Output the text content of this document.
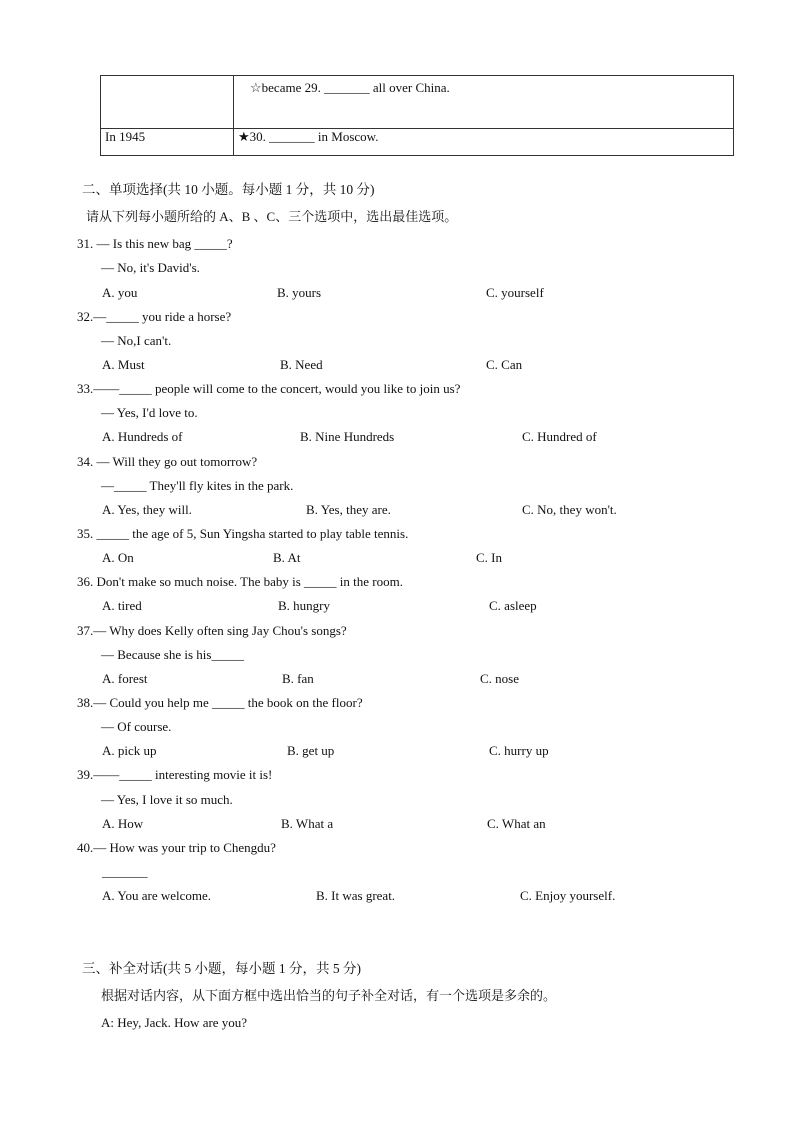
	☆became 29. _______ all over China.

In 1945	★30. _______ in Moscow.
二、单项选择(共 10 小题。每小题 1 分，共 10 分)
请从下列每小题所给的 A、B 、C、三个选项中，选出最佳选项。
31. — Is this new bag _____?
— No, it's David's.
A. you	B. yours	C. yourself
32.—_____ you ride a horse?
— No,I can't.
A. Must	B. Need	C. Can
33.——_____ people will come to the concert, would you like to join us?
— Yes, I'd love to.
A. Hundreds of	B. Nine Hundreds	C. Hundred of
34. — Will they go out tomorrow?
—_____ They'll fly kites in the park.
A. Yes, they will.	B. Yes, they are.	C. No, they won't.
35. _____ the age of 5, Sun Yingsha started to play table tennis.
A. On	B. At	C. In
36. Don't make so much noise. The baby is _____ in the room.
A. tired	B. hungry	C. asleep
37.— Why does Kelly often sing Jay Chou's songs?
— Because she is his_____
A. forest	B. fan	C. nose
38.— Could you help me _____ the book on the floor?
— Of course.
A. pick up	B. get up	C. hurry up
39.——_____ interesting movie it is!
— Yes, I love it so much.
A. How	B. What a	C. What an
40.— How was your trip to Chengdu?
_______
A. You are welcome.	B. It was great.	C. Enjoy yourself.
三、补全对话(共 5 小题，每小题 1 分，共 5 分)
根据对话内容，从下面方框中选出恰当的句子补全对话，有一个选项是多余的。
A: Hey, Jack. How are you?
